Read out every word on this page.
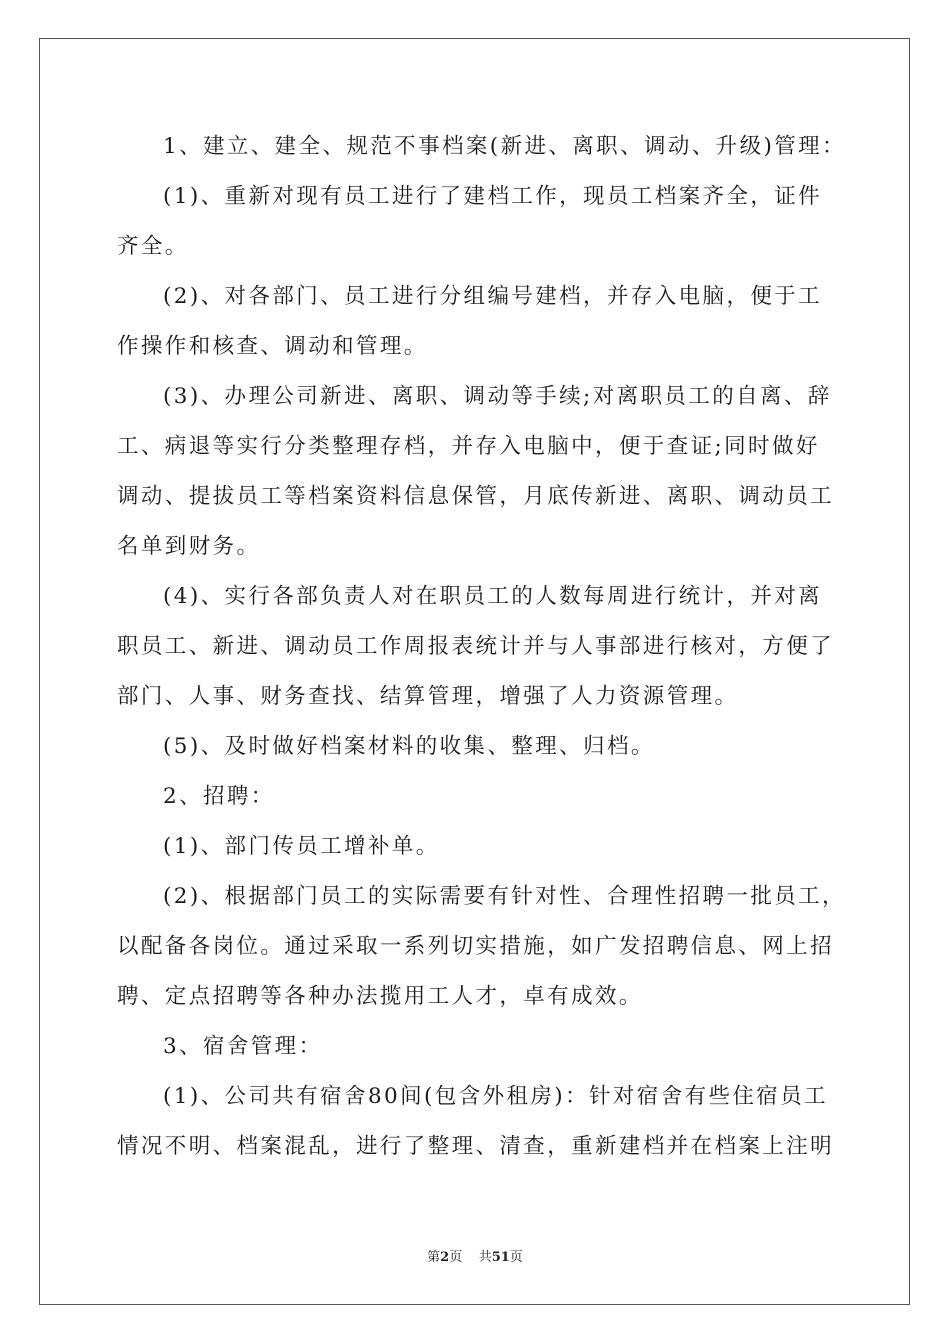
1、建立、建全、规范不事档案(新进、离职、调动、升级)管理：
(1)、重新对现有员工进行了建档工作，现员工档案齐全，证件
齐全。
(2)、对各部门、员工进行分组编号建档，并存入电脑，便于工
作操作和核查、调动和管理。
(3)、办理公司新进、离职、调动等手续;对离职员工的自离、辞
工、病退等实行分类整理存档，并存入电脑中，便于查证;同时做好
调动、提拔员工等档案资料信息保管，月底传新进、离职、调动员工
名单到财务。
(4)、实行各部负责人对在职员工的人数每周进行统计，并对离
职员工、新进、调动员工作周报表统计并与人事部进行核对，方便了
部门、人事、财务查找、结算管理，增强了人力资源管理。
(5)、及时做好档案材料的收集、整理、归档。
2、招聘：
(1)、部门传员工增补单。
(2)、根据部门员工的实际需要有针对性、合理性招聘一批员工，
以配备各岗位。通过采取一系列切实措施，如广发招聘信息、网上招
聘、定点招聘等各种办法揽用工人才，卓有成效。
3、宿舍管理：
(1)、公司共有宿舍80间(包含外租房)：针对宿舍有些住宿员工
情况不明、档案混乱，进行了整理、清查，重新建档并在档案上注明
第2页 共51页
